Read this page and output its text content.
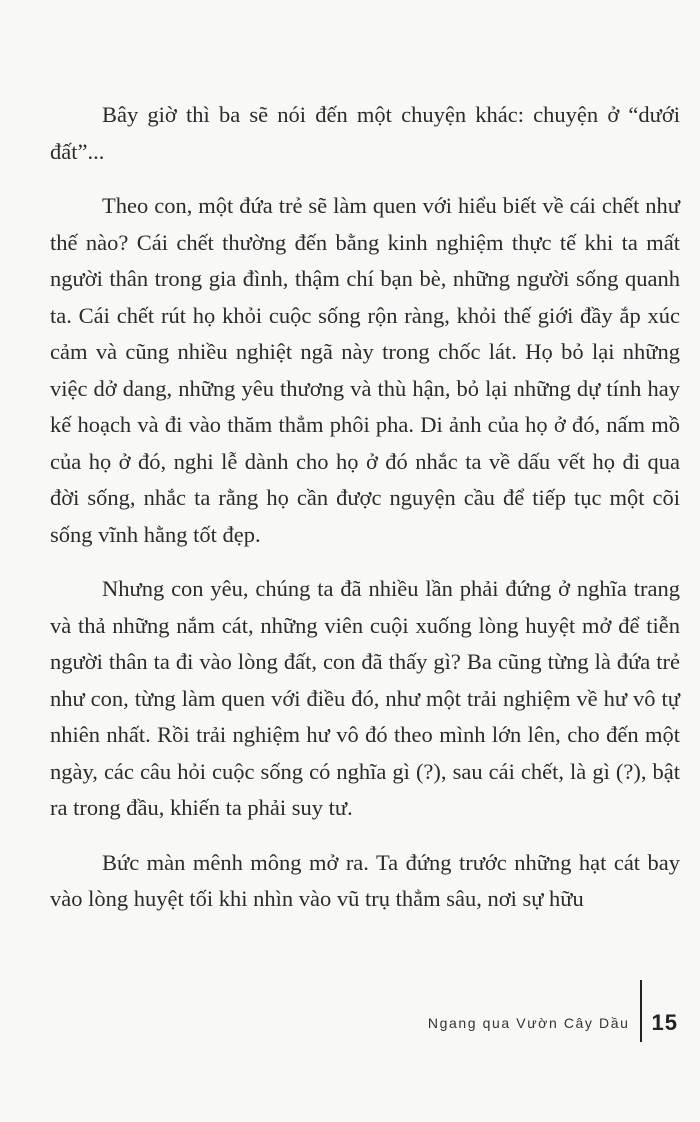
Bây giờ thì ba sẽ nói đến một chuyện khác: chuyện ở “dưới đất”...

Theo con, một đứa trẻ sẽ làm quen với hiểu biết về cái chết như thế nào? Cái chết thường đến bằng kinh nghiệm thực tế khi ta mất người thân trong gia đình, thậm chí bạn bè, những người sống quanh ta. Cái chết rút họ khỏi cuộc sống rộn ràng, khỏi thế giới đầy ắp xúc cảm và cũng nhiều nghiệt ngã này trong chốc lát. Họ bỏ lại những việc dở dang, những yêu thương và thù hận, bỏ lại những dự tính hay kế hoạch và đi vào thăm thẳm phôi pha. Di ảnh của họ ở đó, nấm mồ của họ ở đó, nghi lễ dành cho họ ở đó nhắc ta về dấu vết họ đi qua đời sống, nhắc ta rằng họ cần được nguyện cầu để tiếp tục một cõi sống vĩnh hằng tốt đẹp.

Nhưng con yêu, chúng ta đã nhiều lần phải đứng ở nghĩa trang và thả những nắm cát, những viên cuội xuống lòng huyệt mở để tiễn người thân ta đi vào lòng đất, con đã thấy gì? Ba cũng từng là đứa trẻ như con, từng làm quen với điều đó, như một trải nghiệm về hư vô tự nhiên nhất. Rồi trải nghiệm hư vô đó theo mình lớn lên, cho đến một ngày, các câu hỏi cuộc sống có nghĩa gì (?), sau cái chết, là gì (?), bật ra trong đầu, khiến ta phải suy tư.

Bức màn mênh mông mở ra. Ta đứng trước những hạt cát bay vào lòng huyệt tối khi nhìn vào vũ trụ thẳm sâu, nơi sự hữu

Ngang qua Vườn Cây Dầu 15
